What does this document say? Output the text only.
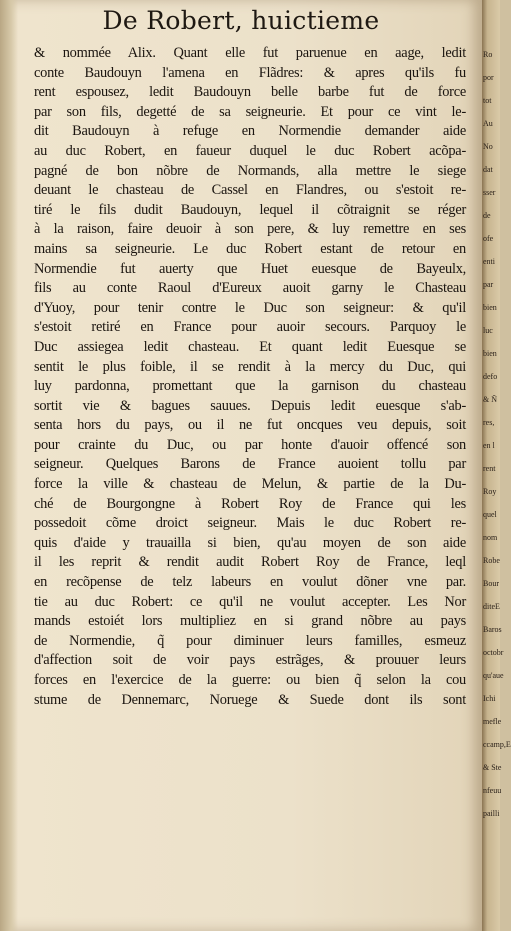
De Robert, huictieme
& nommée Alix. Quant elle fut paruenue en aage, ledit
conte Baudouyn l'amena en Flãdres: & apres qu'ils fu
rent espousez, ledit Baudouyn belle barbe fut de force
par son fils, degetté de sa seigneurie. Et pour ce vint le-
dit Baudouyn à refuge en Normendie demander aide
au duc Robert, en faueur duquel le duc Robert acõpa-
pagné de bon nõbre de Normands, alla mettre le siege
deuant le chasteau de Cassel en Flandres, ou s'estoit re-
tiré le fils dudit Baudouyn, lequel il cõtraignit se réger
à la raison, faire deuoir à son pere, & luy remettre en ses
mains sa seigneurie. Le duc Robert estant de retour en
Normendie fut auerty que Huet euesque de Bayeulx,
fils au conte Raoul d'Eureux auoit garny le Chasteau
d'Yuoy, pour tenir contre le Duc son seigneur: & qu'il
s'estoit retiré en France pour auoir secours. Parquoy le
Duc assiegea ledit chasteau. Et quant ledit Euesque se
sentit le plus foible, il se rendit à la mercy du Duc, qui
luy pardonna, promettant que la garnison du chasteau
sortit vie & bagues sauues. Depuis ledit euesque s'ab-
senta hors du pays, ou il ne fut oncques veu depuis, soit
pour crainte du Duc, ou par honte d'auoir offencé son
seigneur. Quelques Barons de France auoient tollu par
force la ville & chasteau de Melun, & partie de la Du-
ché de Bourgongne à Robert Roy de France qui les
possedoit cõme droict seigneur. Mais le duc Robert re-
quis d'aide y trauailla si bien, qu'au moyen de son aide
il les reprit & rendit audit Robert Roy de France, leql
en recõpense de telz labeurs en voulut dõner vne par.
tie au duc Robert: ce qu'il ne voulut accepter. Les Nor
mands estoiét lors multipliez en si grand nõbre au pays
de Normendie, q̃ pour diminuer leurs familles, esmeuz
d'affection soit de voir pays estrãges, & prouuer leurs
forces en l'exercice de la guerre: ou bien q̃ selon la cou
stume de Dennemarc, Noruege & Suede dont ils sont
Ro
por
tot
Au
No
dat
sser
de
ofe
enti
par
bien
luc
bien
defo
& Ñ
res,
en l
rent
Roy
quel
nom
Robe
Bour
diteE
Baros
octobr
qu'aue
Ichi
mefle
ccamp,E
& Ste
nfeuu
pailli
